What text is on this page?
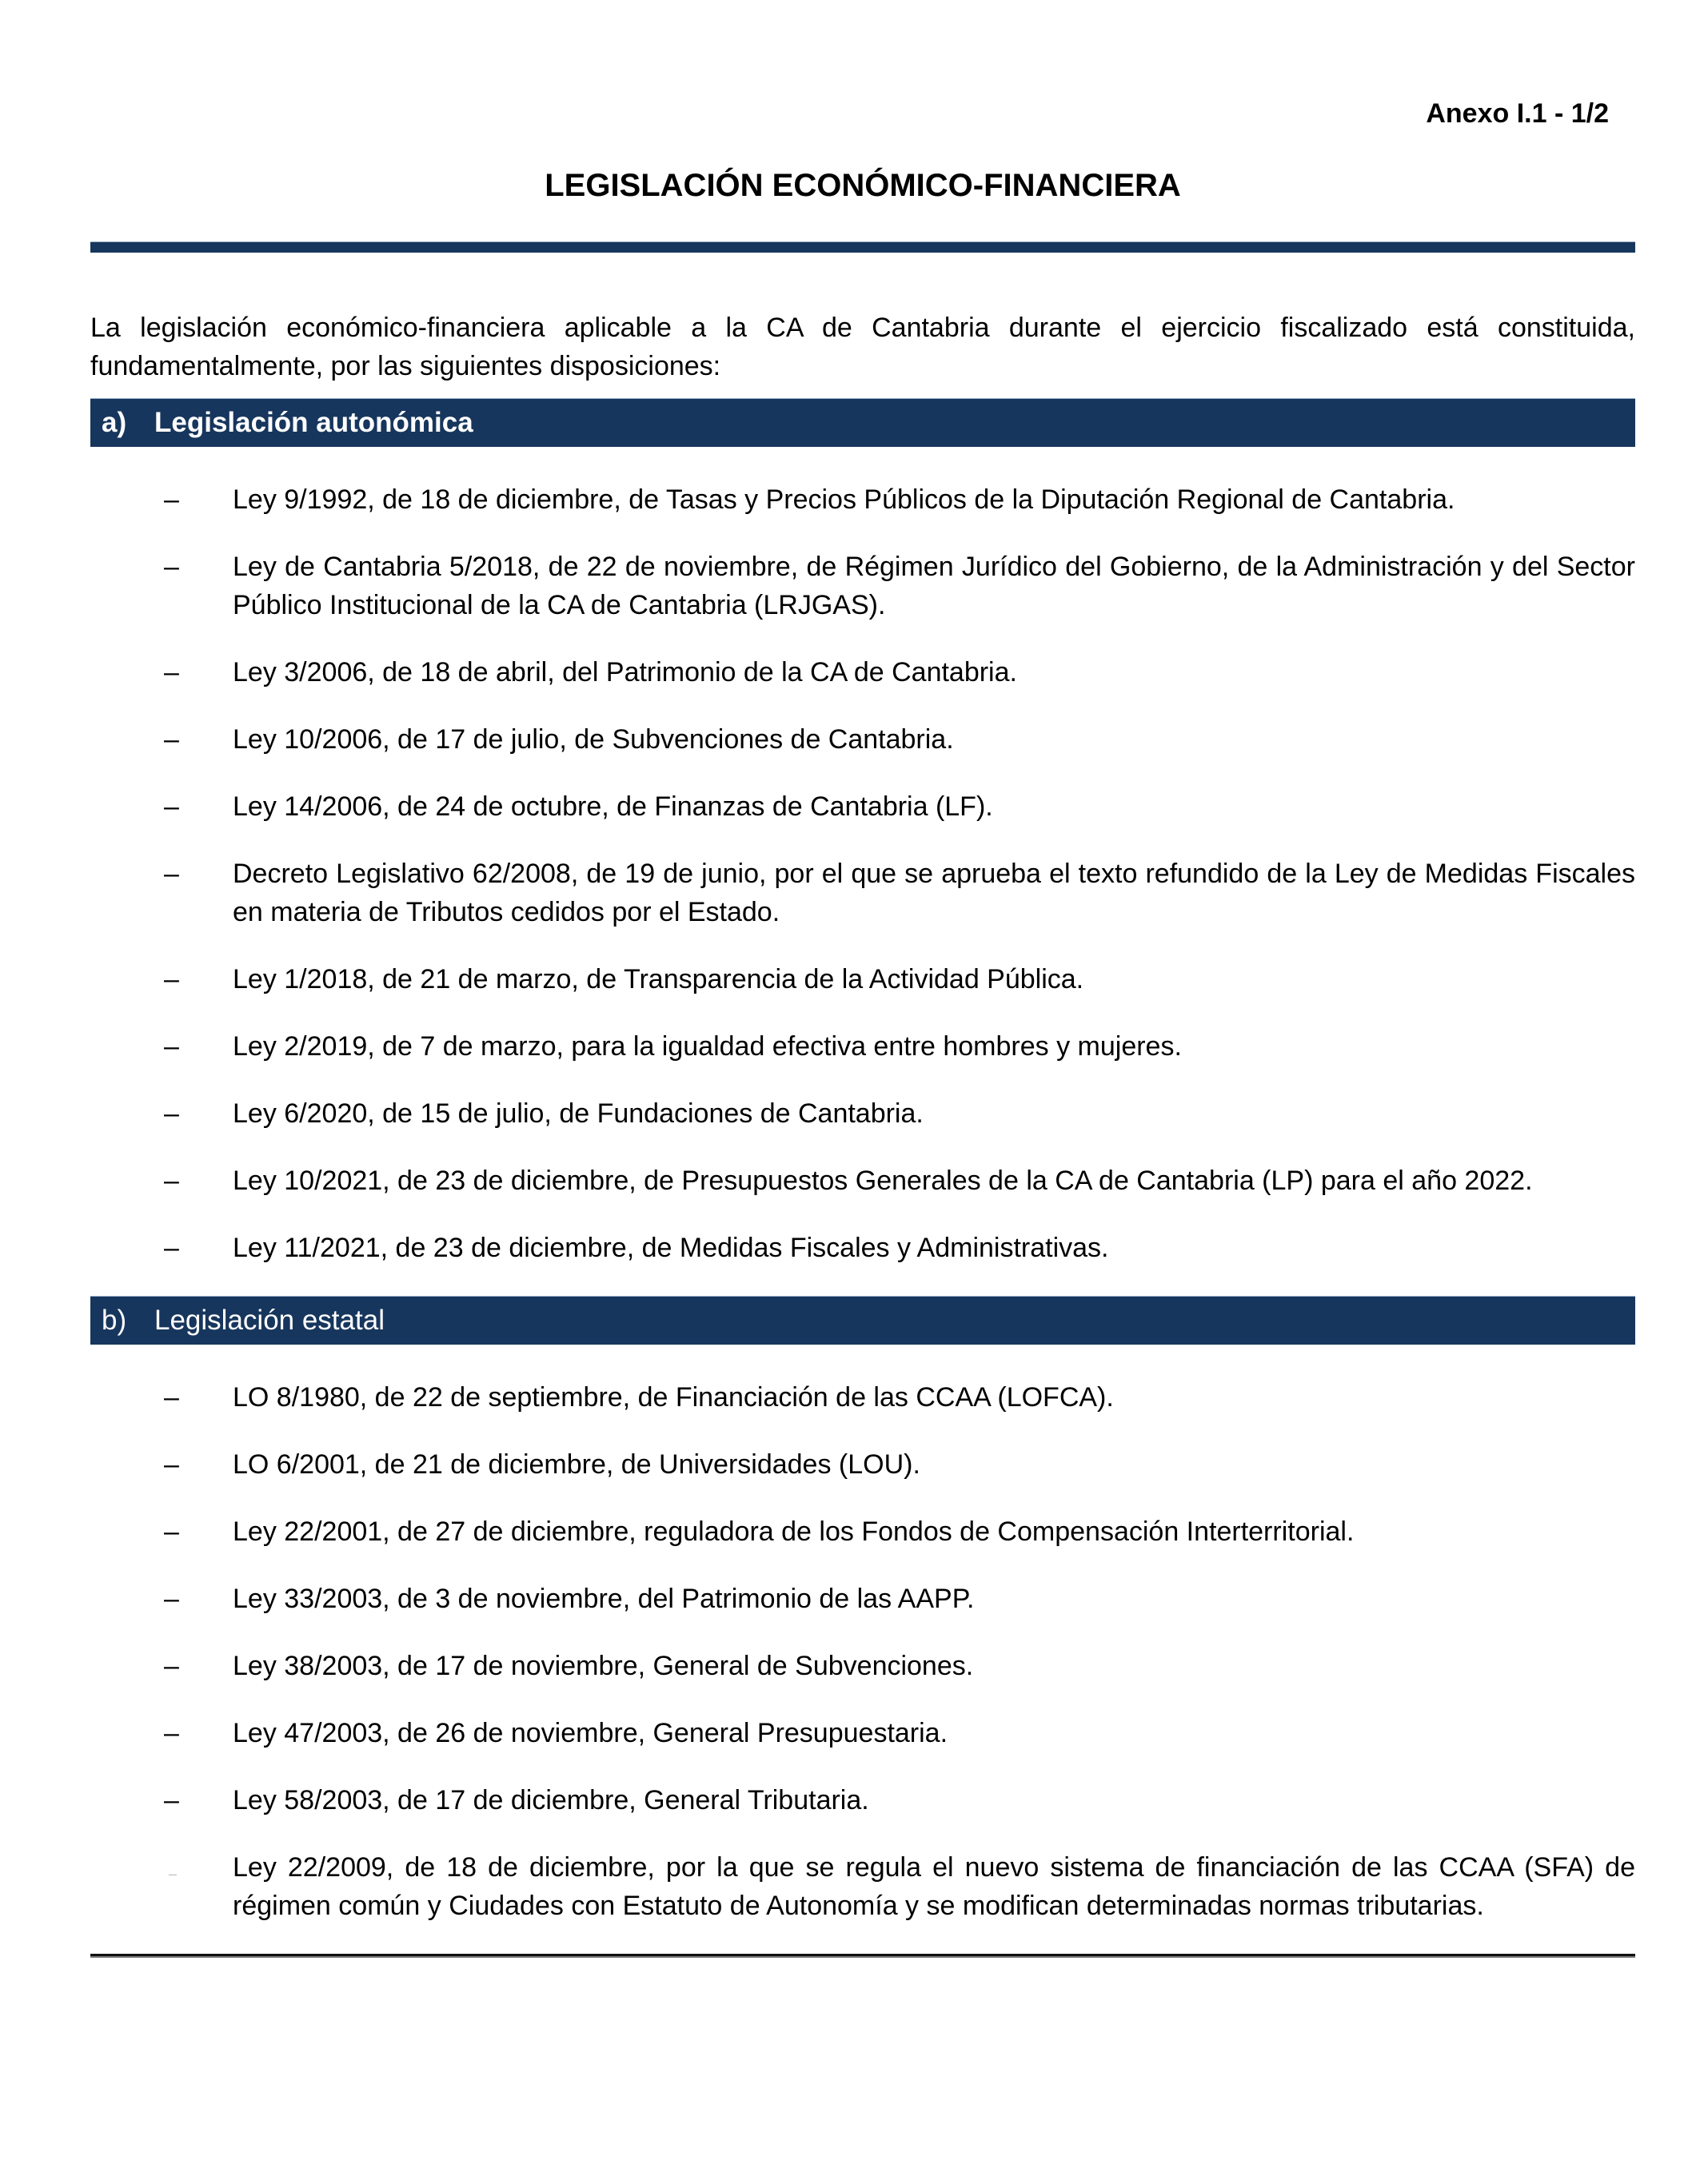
Anexo I.1 - 1/2
LEGISLACIÓN ECONÓMICO-FINANCIERA

La legislación económico-financiera aplicable a la CA de Cantabria durante el ejercicio fiscalizado está constituida, fundamentalmente, por las siguientes disposiciones:

a) Legislación autonómica
– Ley 9/1992, de 18 de diciembre, de Tasas y Precios Públicos de la Diputación Regional de Cantabria.
– Ley de Cantabria 5/2018, de 22 de noviembre, de Régimen Jurídico del Gobierno, de la Administración y del Sector Público Institucional de la CA de Cantabria (LRJGAS).
– Ley 3/2006, de 18 de abril, del Patrimonio de la CA de Cantabria.
– Ley 10/2006, de 17 de julio, de Subvenciones de Cantabria.
– Ley 14/2006, de 24 de octubre, de Finanzas de Cantabria (LF).
– Decreto Legislativo 62/2008, de 19 de junio, por el que se aprueba el texto refundido de la Ley de Medidas Fiscales en materia de Tributos cedidos por el Estado.
– Ley 1/2018, de 21 de marzo, de Transparencia de la Actividad Pública.
– Ley 2/2019, de 7 de marzo, para la igualdad efectiva entre hombres y mujeres.
– Ley 6/2020, de 15 de julio, de Fundaciones de Cantabria.
– Ley 10/2021, de 23 de diciembre, de Presupuestos Generales de la CA de Cantabria (LP) para el año 2022.
– Ley 11/2021, de 23 de diciembre, de Medidas Fiscales y Administrativas.
b) Legislación estatal
– LO 8/1980, de 22 de septiembre, de Financiación de las CCAA (LOFCA).
– LO 6/2001, de 21 de diciembre, de Universidades (LOU).
– Ley 22/2001, de 27 de diciembre, reguladora de los Fondos de Compensación Interterritorial.
– Ley 33/2003, de 3 de noviembre, del Patrimonio de las AAPP.
– Ley 38/2003, de 17 de noviembre, General de Subvenciones.
– Ley 47/2003, de 26 de noviembre, General Presupuestaria.
– Ley 58/2003, de 17 de diciembre, General Tributaria.
– Ley 22/2009, de 18 de diciembre, por la que se regula el nuevo sistema de financiación de las CCAA (SFA) de régimen común y Ciudades con Estatuto de Autonomía y se modifican determinadas normas tributarias.
